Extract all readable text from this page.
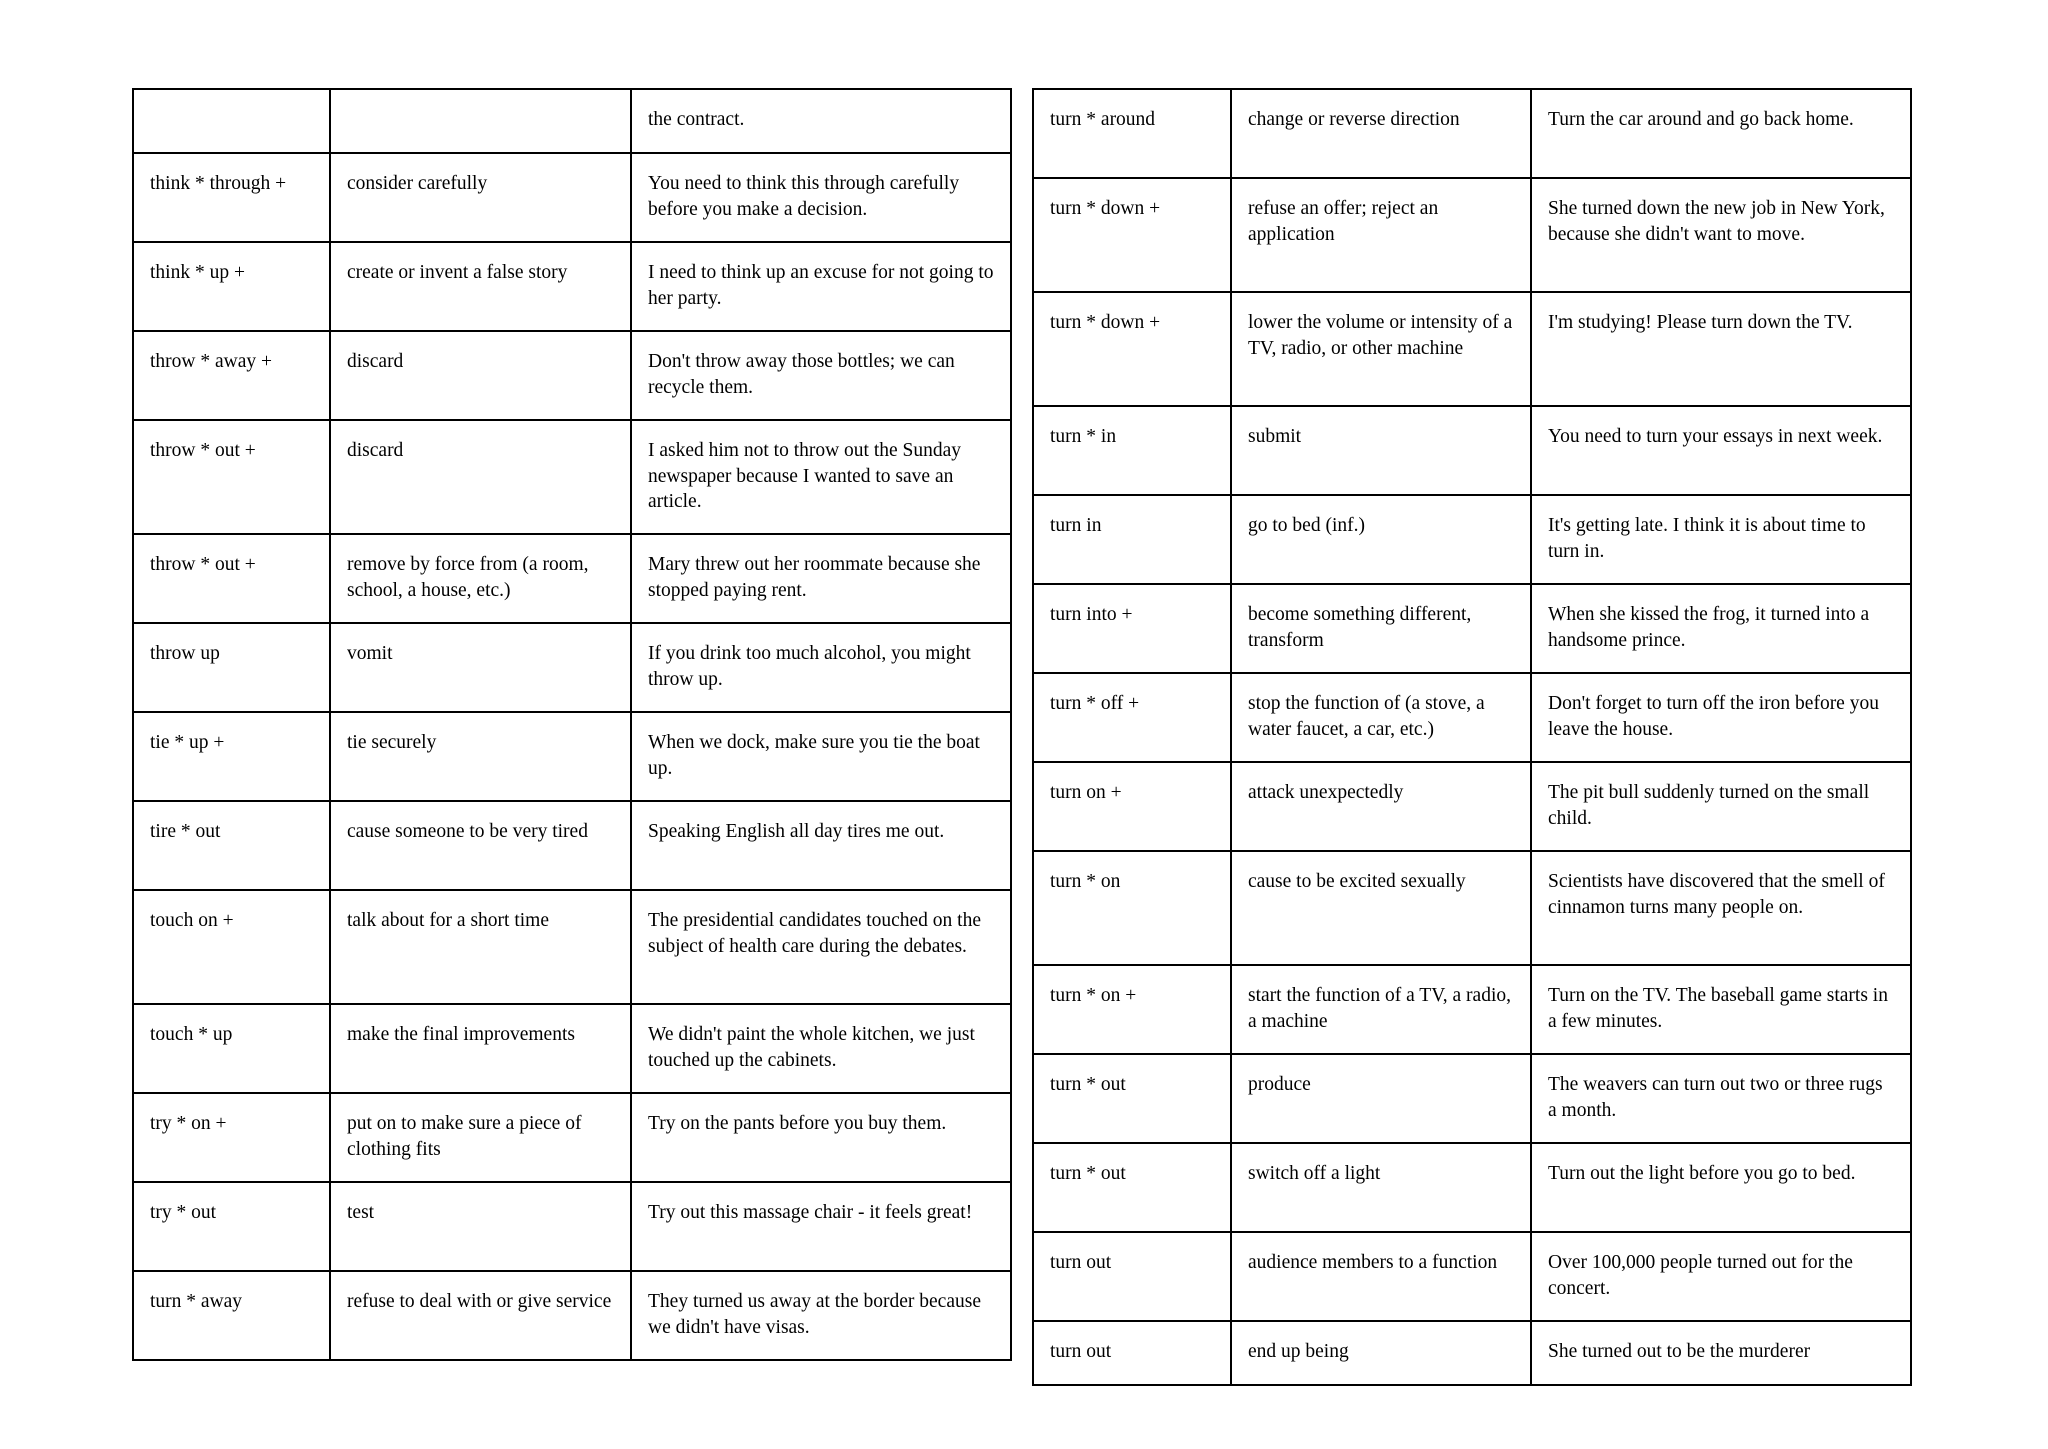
		the contract.
think * through +	consider carefully	You need to think this through carefully before you make a decision.
think * up +	create or invent a false story	I need to think up an excuse for not going to her party.
throw * away +	discard	Don't throw away those bottles; we can recycle them.
throw * out +	discard	I asked him not to throw out the Sunday newspaper because I wanted to save an article.
throw * out +	remove by force from (a room, school, a house, etc.)	Mary threw out her roommate because she stopped paying rent.
throw up	vomit	If you drink too much alcohol, you might throw up.
tie * up +	tie securely	When we dock, make sure you tie the boat up.
tire * out	cause someone to be very tired	Speaking English all day tires me out.
touch on +	talk about for a short time	The presidential candidates touched on the subject of health care during the debates.
touch * up	make the final improvements	We didn't paint the whole kitchen, we just touched up the cabinets.
try * on +	put on to make sure a piece of clothing fits	Try on the pants before you buy them.
try * out	test	Try out this massage chair - it feels great!
turn * away	refuse to deal with or give service	They turned us away at the border because we didn't have visas.
turn * around	change or reverse direction	Turn the car around and go back home.
turn * down +	refuse an offer; reject an application	She turned down the new job in New York, because she didn't want to move.
turn * down +	lower the volume or intensity of a TV, radio, or other machine	I'm studying! Please turn down the TV.
turn * in	submit	You need to turn your essays in next week.
turn in	go to bed (inf.)	It's getting late. I think it is about time to turn in.
turn into +	become something different, transform	When she kissed the frog, it turned into a handsome prince.
turn * off +	stop the function of (a stove, a water faucet, a car, etc.)	Don't forget to turn off the iron before you leave the house.
turn on +	attack unexpectedly	The pit bull suddenly turned on the small child.
turn * on	cause to be excited sexually	Scientists have discovered that the smell of cinnamon turns many people on.
turn * on +	start the function of a TV, a radio, a machine	Turn on the TV. The baseball game starts in a few minutes.
turn * out	produce	The weavers can turn out two or three rugs a month.
turn * out	switch off a light	Turn out the light before you go to bed.
turn out	audience members to a function	Over 100,000 people turned out for the concert.
turn out	end up being	She turned out to be the murderer
